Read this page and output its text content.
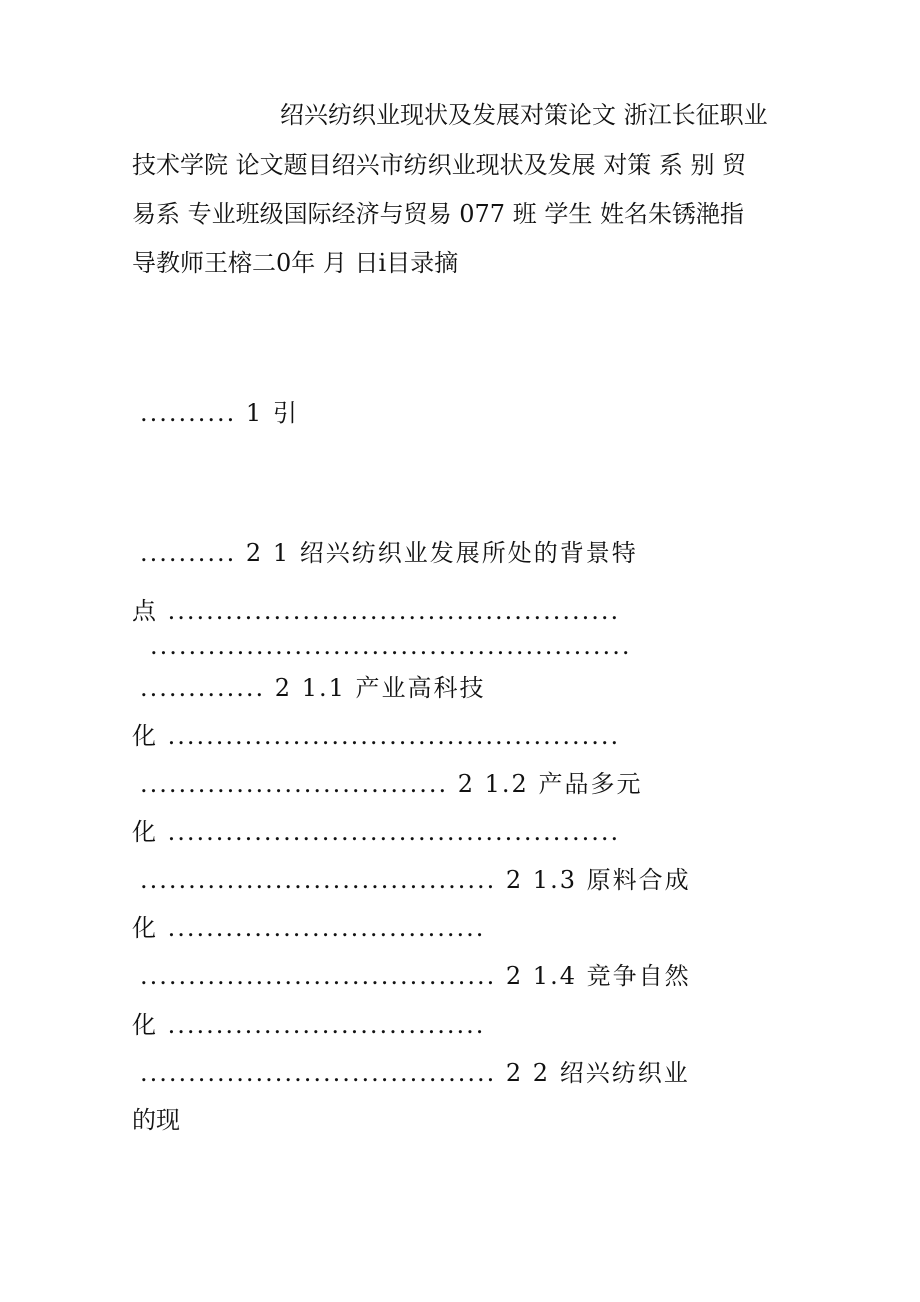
绍兴纺织业现状及发展对策论文 浙江长征职业
技术学院 论文题目绍兴市纺织业现状及发展 对策 系 别 贸
易系 专业班级国际经济与贸易 077 班 学生 姓名朱锈滟指
导教师王榕二0年 月 日i目录摘
.......... 1 引
.......... 2 1 绍兴纺织业发展所处的背景特
点 ...............................................
..................................................
............. 2 1.1 产业高科技
化 ...............................................
................................ 2 1.2 产品多元
化 ...............................................
..................................... 2 1.3 原料合成
化 .................................
..................................... 2 1.4 竞争自然
化 .................................
..................................... 2 2 绍兴纺织业
的现
